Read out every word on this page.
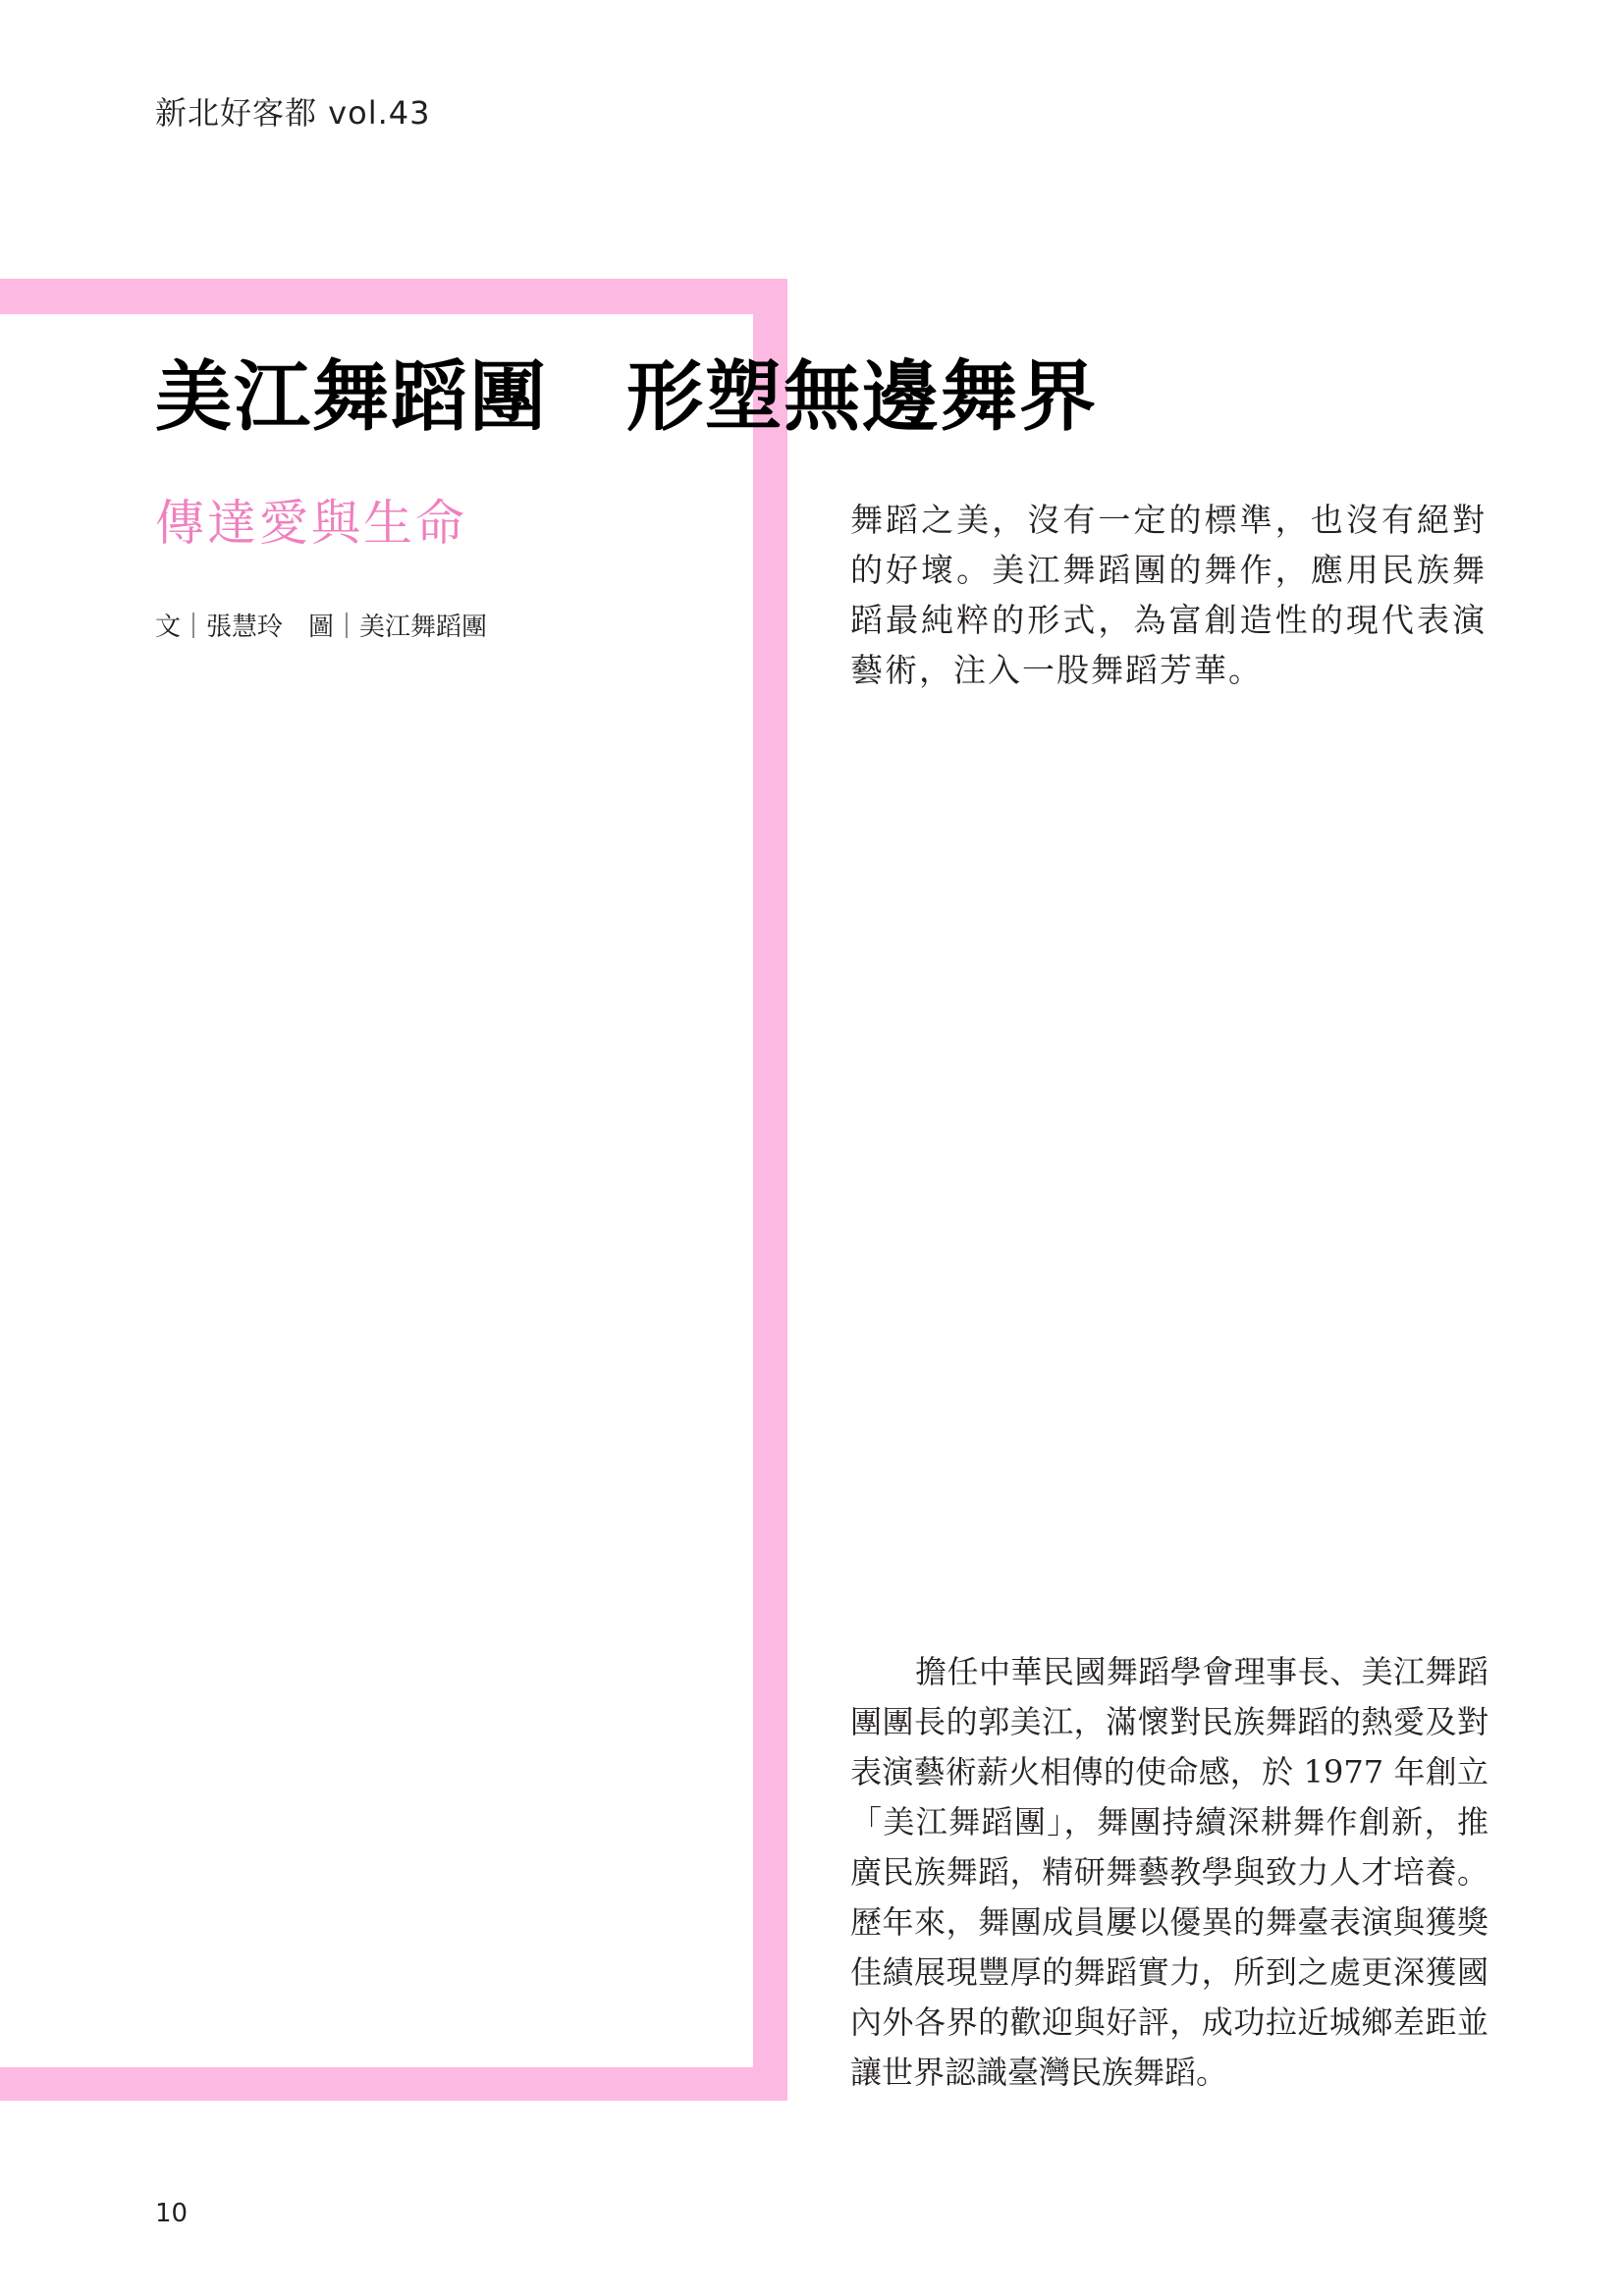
新北好客都 vol.43
美江舞蹈團　形塑無邊舞界
傳達愛與生命
文｜張慧玲　圖｜美江舞蹈團

舞蹈之美，沒有一定的標準，也沒有絕對的好壞。美江舞蹈團的舞作，應用民族舞蹈最純粹的形式，為富創造性的現代表演藝術，注入一股舞蹈芳華。

擔任中華民國舞蹈學會理事長、美江舞蹈團團長的郭美江，滿懷對民族舞蹈的熱愛及對表演藝術薪火相傳的使命感，於 1977 年創立「美江舞蹈團」，舞團持續深耕舞作創新，推廣民族舞蹈，精研舞藝教學與致力人才培養。歷年來，舞團成員屢以優異的舞臺表演與獲獎佳績展現豐厚的舞蹈實力，所到之處更深獲國內外各界的歡迎與好評，成功拉近城鄉差距並讓世界認識臺灣民族舞蹈。

10
